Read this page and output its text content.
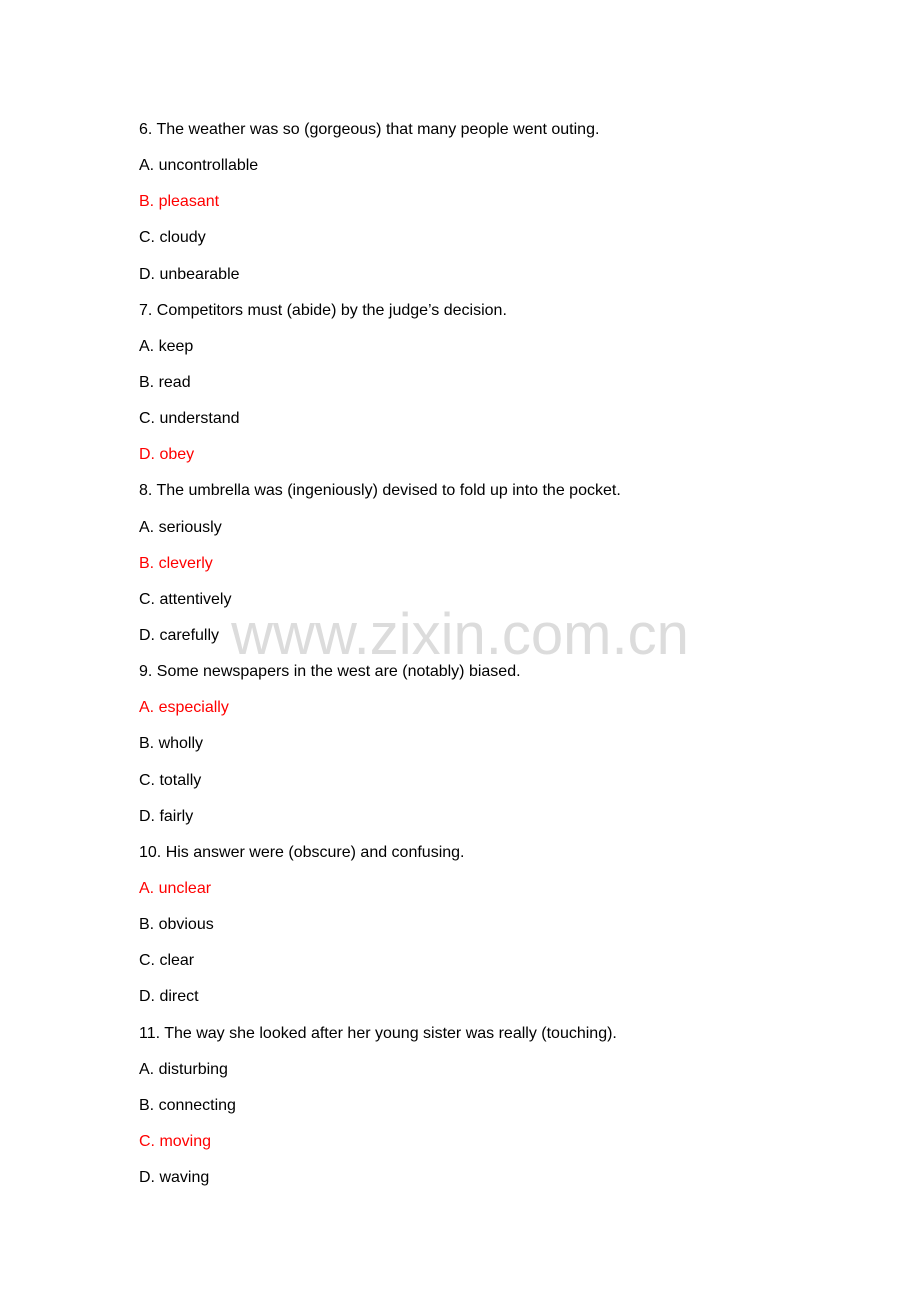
www.zixin.com.cn
6. The weather was so (gorgeous) that many people went outing.
A. uncontrollable
B. pleasant
C. cloudy
D. unbearable
7. Competitors must (abide) by the judge’s decision.
A. keep
B. read
C. understand
D. obey
8. The umbrella was (ingeniously) devised to fold up into the pocket.
A. seriously
B. cleverly
C. attentively
D. carefully
9. Some newspapers in the west are (notably) biased.
A. especially
B. wholly
C. totally
D. fairly
10. His answer were (obscure) and confusing.
A. unclear
B. obvious
C. clear
D. direct
11. The way she looked after her young sister was really (touching).
A. disturbing
B. connecting
C. moving
D. waving
